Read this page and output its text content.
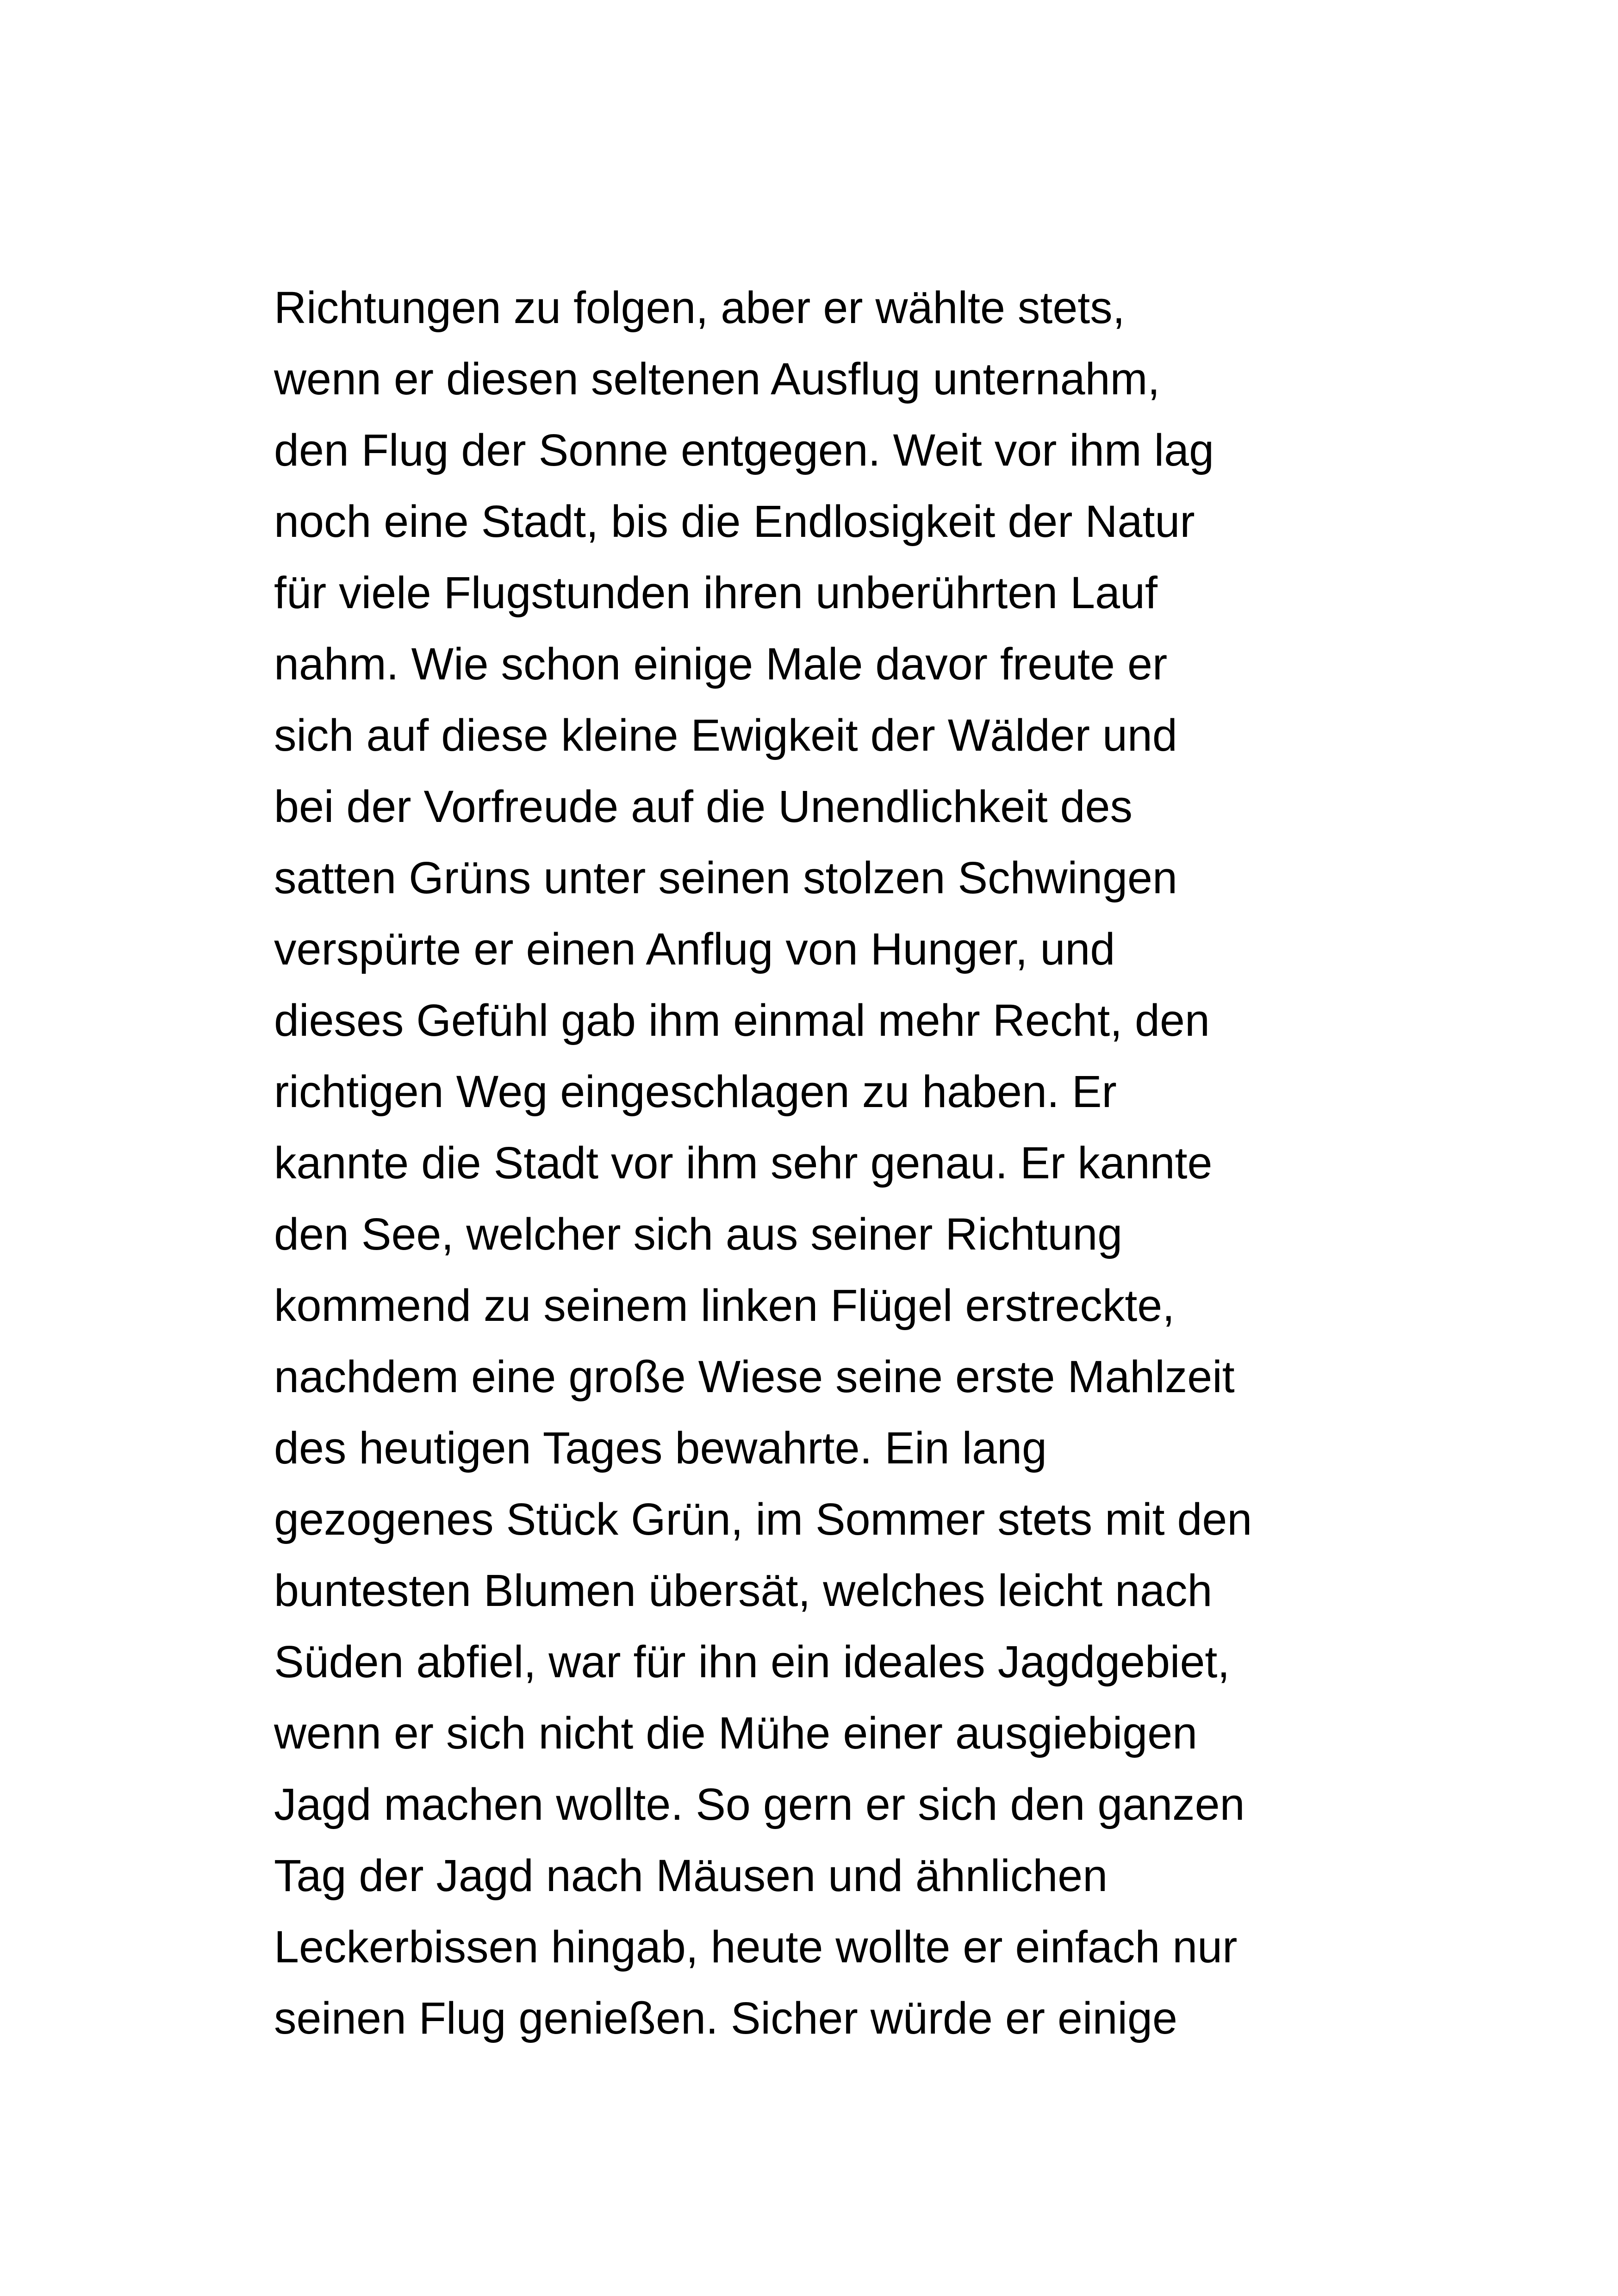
Richtungen zu folgen, aber er wählte stets,
wenn er diesen seltenen Ausflug unternahm,
den Flug der Sonne entgegen. Weit vor ihm lag
noch eine Stadt, bis die Endlosigkeit der Natur
für viele Flugstunden ihren unberührten Lauf
nahm. Wie schon einige Male davor freute er
sich auf diese kleine Ewigkeit der Wälder und
bei der Vorfreude auf die Unendlichkeit des
satten Grüns unter seinen stolzen Schwingen
verspürte er einen Anflug von Hunger, und
dieses Gefühl gab ihm einmal mehr Recht, den
richtigen Weg eingeschlagen zu haben. Er
kannte die Stadt vor ihm sehr genau. Er kannte
den See, welcher sich aus seiner Richtung
kommend zu seinem linken Flügel erstreckte,
nachdem eine große Wiese seine erste Mahlzeit
des heutigen Tages bewahrte. Ein lang
gezogenes Stück Grün, im Sommer stets mit den
buntesten Blumen übersät, welches leicht nach
Süden abfiel, war für ihn ein ideales Jagdgebiet,
wenn er sich nicht die Mühe einer ausgiebigen
Jagd machen wollte. So gern er sich den ganzen
Tag der Jagd nach Mäusen und ähnlichen
Leckerbissen hingab, heute wollte er einfach nur
seinen Flug genießen. Sicher würde er einige
